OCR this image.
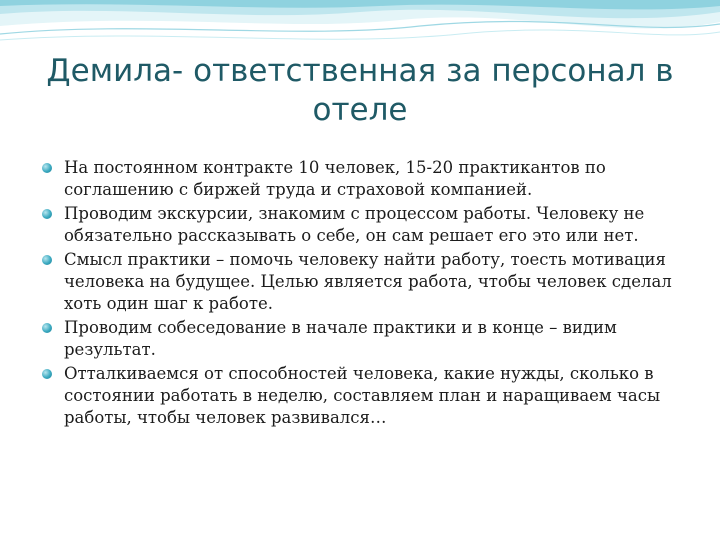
Демила- ответственная за персонал в отеле
На постоянном контракте 10 человек, 15-20 практикантов по соглашению с биржей труда и страховой компанией.
Проводим экскурсии, знакомим с процессом работы. Человеку не обязательно рассказывать о себе, он сам решает его это или нет.
Смысл практики – помочь человеку найти работу, тоесть мотивация человека на будущее. Целью является работа, чтобы человек сделал хоть один шаг к работе.
Проводим собеседование в начале практики и в конце – видим результат.
Отталкиваемся от способностей человека, какие нужды, сколько в состоянии работать в неделю, составляем план и наращиваем часы работы, чтобы человек развивался…
